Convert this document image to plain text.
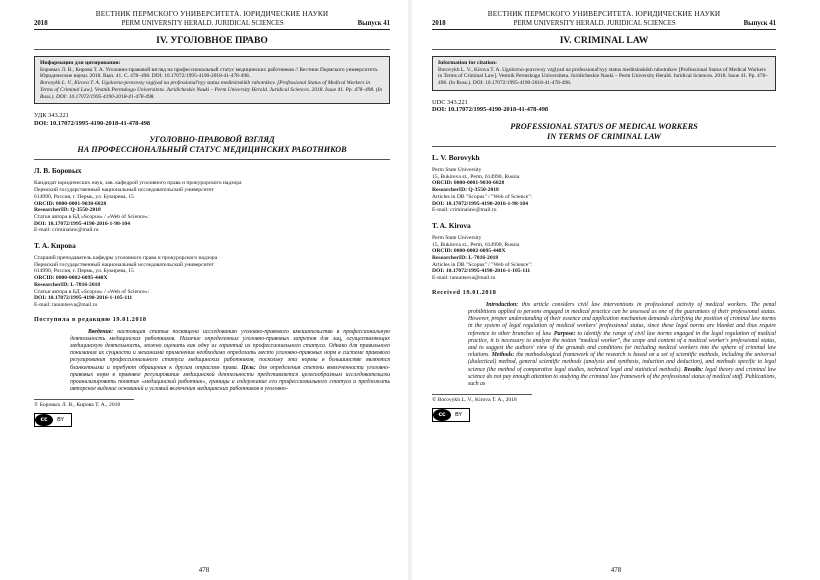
ВЕСТНИК ПЕРМСКОГО УНИВЕРСИТЕТА. ЮРИДИЧЕСКИЕ НАУКИ
2018	PERM UNIVERSITY HERALD. JURIDICAL SCIENCES	Выпуск 41
IV. УГОЛОВНОЕ ПРАВО
Информация для цитирования:

Боровых Л. В., Кирова Т. А. Уголовно-правовой взгляд на профессиональный статус медицинских работников // Вестник Пермского университета. Юридические науки. 2018. Вып. 41. C. 478–498. DOI: 10.17072/1995-4190-2018-41-478-498.

Borovykh L. V., Kirova T. A. Ugolovno-pravovoy vzglyad na professional'nyy status meditsinskikh rabotnikov. [Professional Status of Medical Workers in Terms of Criminal Law]. Vestnik Permskogo Universiteta. Juridicheskie Nauki – Perm University Herald. Juridical Sciences. 2018. Issue 41. Pp. 478–498. (In Russ.). DOI: 10.17072/1995-4190-2018-41-478-498.

УДК 343.221
DOI: 10.17072/1995-4190-2018-41-478-498
УГОЛОВНО-ПРАВОВОЙ ВЗГЛЯД
НА ПРОФЕССИОНАЛЬНЫЙ СТАТУС МЕДИЦИНСКИХ РАБОТНИКОВ
Л. В. Боровых
Кандидат юридических наук, зав. кафедрой уголовного права и прокурорского надзора
Пермский государственный национальный исследовательский университет
614990, Россия, г. Пермь, ул. Букирева, 15
ORCID: 0000-0001-9030-6828
ResearcherID: Q-3550-2018
Статьи автора в БД «Scopus» / «Web of Science»:
DOI: 10.17072/1995-4190-2016-1-98-104
E-mail: criminalaw@mail.ru
Т. А. Кирова
Старший преподаватель кафедры уголовного права и прокурорского надзора
Пермский государственный национальный исследовательский университет
614990, Россия, г. Пермь, ул. Букирева, 15
ORCID: 0000-0002-6095-440X
ResearcherID: L-7016-2018
Статьи автора в БД «Scopus» / «Web of Science»:
DOI: 10.17072/1995-4190-2016-1-105-111
E-mail: tanuntseva@mail.ru
Поступила в редакцию 19.01.2018

Введение: настоящая статья посвящена исследованию уголовно-правового вмешательства в профессиональную деятельность медицинских работников. Наличие определенных уголовно-правовых запретов для лиц, осуществляющих медицинскую деятельность, можно оценить как одну из гарантий их профессионального статуса. Однако для правильного понимания их сущности и механизма применения необходимо определить место уголовно-правовых норм в системе правового регулирования профессионального статуса медицинских работников, поскольку эти нормы в большинстве являются бланкетными и требуют обращения к другим отраслям права. Цель: для определения степени вовлеченности уголовно-правовых норм в правовое регулирование медицинской деятельности представляется целесообразным исследовательски проанализировать понятие «медицинский работник», границы и содержание его профессионального статуса и предложить авторское видение оснований и условий включения медицинских работников в уголовно-

© Боровых Л. В., Кирова Т. А., 2018
cc	BY
478
ВЕСТНИК ПЕРМСКОГО УНИВЕРСИТЕТА. ЮРИДИЧЕСКИЕ НАУКИ
2018	PERM UNIVERSITY HERALD. JURIDICAL SCIENCES	Выпуск 41
IV. CRIMINAL LAW
Information for citation:

Borovykh L. V., Kirova T. A. Ugolovno-pravovoy vzglyad na professional'nyy status meditsinskikh rabotnikov [Professional Status of Medical Workers in Terms of Criminal Law]. Vestnik Permskogo Universiteta. Juridicheskie Nauki – Perm University Herald. Juridical Sciences. 2018. Issue 41. Pp. 478–498. (In Russ.). DOI: 10.17072/1995-4190-2018-41-478-498.

UDC 343.221
DOI: 10.17072/1995-4190-2018-41-478-498
PROFESSIONAL STATUS OF MEDICAL WORKERS
IN TERMS OF CRIMINAL LAW
L. V. Borovykh
Perm State University
15, Bukireva st., Perm, 614990, Russia
ORCID: 0000-0001-9030-6828
ResearcherID: Q-3550-2018
Articles in DB "Scopus" / "Web of Science":
DOI: 10.17072/1995-4190-2016-1-98-104
E-mail: criminalaw@mail.ru
T. A. Kirova
Perm State University
15, Bukireva st., Perm, 614990, Russia
ORCID: 0000-0002-6095-440X
ResearcherID: L-7016-2018
Articles in DB "Scopus" / "Web of Science":
DOI: 10.17072/1995-4190-2016-1-105-111
E-mail: tanuntseva@mail.ru
Received 19.01.2018

Introduction: this article considers civil law interventions in professional activity of medical workers. The penal prohibitions applied to persons engaged in medical practice can be assessed as one of the guarantees of their professional status. However, proper understanding of their essence and application mechanism demands clarifying the position of criminal law norms in the system of legal regulation of medical workers' professional status, since these legal norms are blanket and thus require reference to other branches of law. Purpose: to identify the range of civil law norms engaged in the legal regulation of medical practice, it is necessary to analyze the notion "medical worker", the scope and content of a medical worker's professional status, and to suggest the authors' view of the grounds and conditions for including medical workers into the sphere of criminal law relations. Methods: the methodological framework of the research is based on a set of scientific methods, including the universal (dialectical) method, general scientific methods (analysis and synthesis, induction and deduction), and methods specific to legal science (the method of comparative legal studies, technical legal and statistical methods). Results: legal theory and criminal law science do not pay enough attention to studying the criminal law framework of the professional status of medical staff. Publications, such as

© Borovykh L. V., Kirova T. A., 2018
cc	BY
478
